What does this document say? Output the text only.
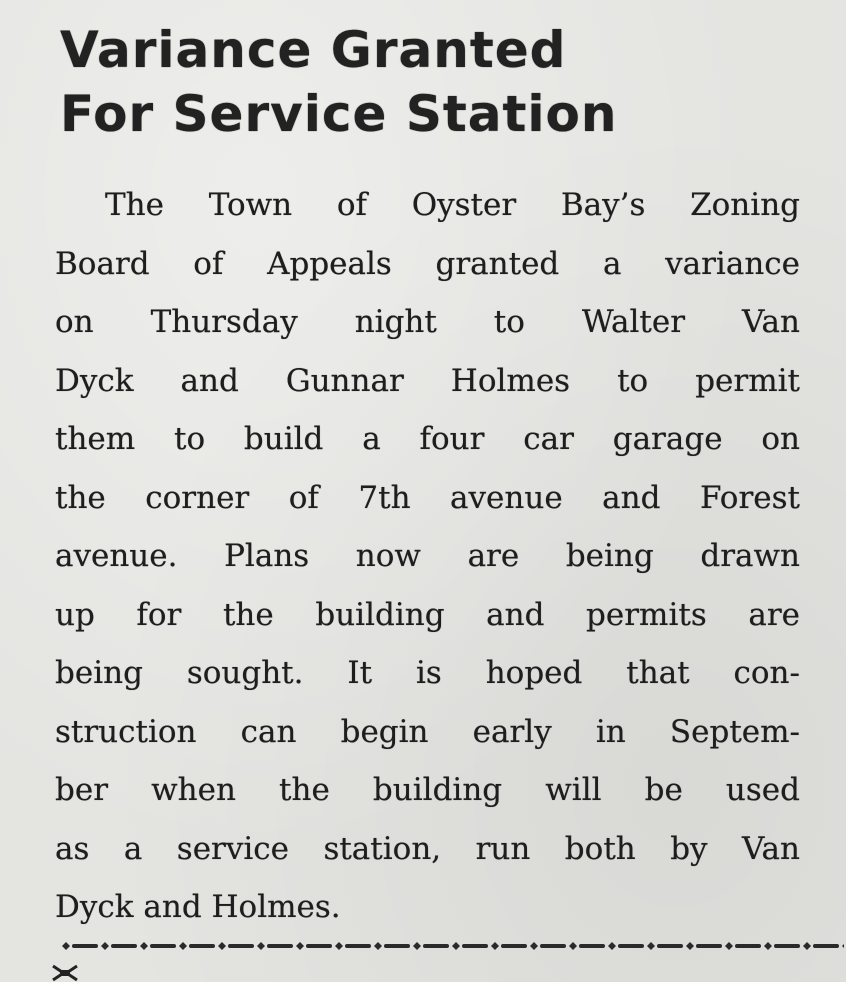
Variance Granted
For Service Station
The Town of Oyster Bay’s Zoning
Board of Appeals granted a variance
on Thursday night to Walter Van
Dyck and Gunnar Holmes to permit
them to build a four car garage on
the corner of 7th avenue and Forest
avenue. Plans now are being drawn
up for the building and permits are
being sought. It is hoped that con-
struction can begin early in Septem-
ber when the building will be used
as a service station, run both by Van
Dyck and Holmes.
